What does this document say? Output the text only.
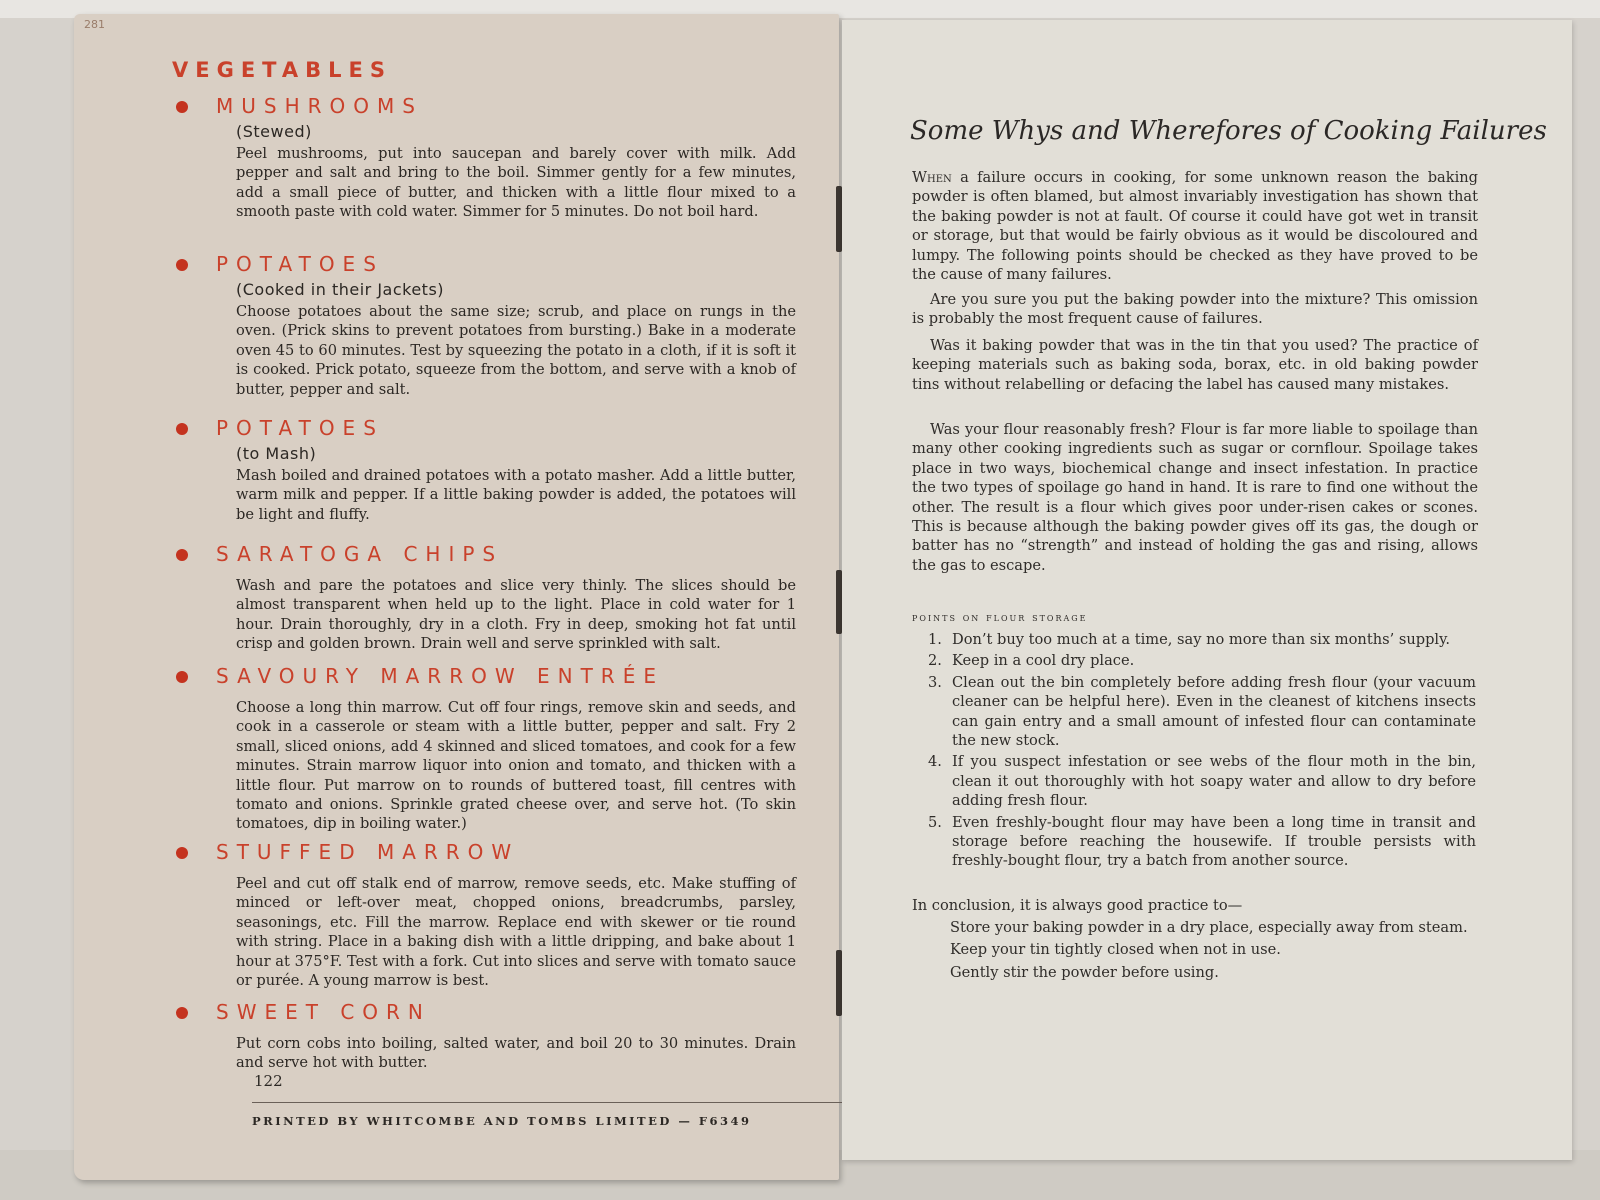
281
VEGETABLES
MUSHROOMS
(Stewed)
Peel mushrooms, put into saucepan and barely cover with milk. Add pepper and salt and bring to the boil. Simmer gently for a few minutes, add a small piece of butter, and thicken with a little flour mixed to a smooth paste with cold water. Simmer for 5 minutes. Do not boil hard.
POTATOES
(Cooked in their Jackets)
Choose potatoes about the same size; scrub, and place on rungs in the oven. (Prick skins to prevent potatoes from bursting.) Bake in a moderate oven 45 to 60 minutes. Test by squeezing the potato in a cloth, if it is soft it is cooked. Prick potato, squeeze from the bottom, and serve with a knob of butter, pepper and salt.
POTATOES
(to Mash)
Mash boiled and drained potatoes with a potato masher. Add a little butter, warm milk and pepper. If a little baking powder is added, the potatoes will be light and fluffy.
SARATOGA CHIPS
Wash and pare the potatoes and slice very thinly. The slices should be almost transparent when held up to the light. Place in cold water for 1 hour. Drain thoroughly, dry in a cloth. Fry in deep, smoking hot fat until crisp and golden brown. Drain well and serve sprinkled with salt.
SAVOURY MARROW ENTRÉE
Choose a long thin marrow. Cut off four rings, remove skin and seeds, and cook in a casserole or steam with a little butter, pepper and salt. Fry 2 small, sliced onions, add 4 skinned and sliced tomatoes, and cook for a few minutes. Strain marrow liquor into onion and tomato, and thicken with a little flour. Put marrow on to rounds of buttered toast, fill centres with tomato and onions. Sprinkle grated cheese over, and serve hot. (To skin tomatoes, dip in boiling water.)
STUFFED MARROW
Peel and cut off stalk end of marrow, remove seeds, etc. Make stuffing of minced or left-over meat, chopped onions, breadcrumbs, parsley, seasonings, etc. Fill the marrow. Replace end with skewer or tie round with string. Place in a baking dish with a little dripping, and bake about 1 hour at 375°F. Test with a fork. Cut into slices and serve with tomato sauce or purée. A young marrow is best.
SWEET CORN
Put corn cobs into boiling, salted water, and boil 20 to 30 minutes. Drain and serve hot with butter.
122
PRINTED BY WHITCOMBE AND TOMBS LIMITED — F6349
Some Whys and Wherefores of Cooking Failures
When a failure occurs in cooking, for some unknown reason the baking powder is often blamed, but almost invariably investigation has shown that the baking powder is not at fault. Of course it could have got wet in transit or storage, but that would be fairly obvious as it would be discoloured and lumpy. The following points should be checked as they have proved to be the cause of many failures.
Are you sure you put the baking powder into the mixture? This omission is probably the most frequent cause of failures.
Was it baking powder that was in the tin that you used? The practice of keeping materials such as baking soda, borax, etc. in old baking powder tins without relabelling or defacing the label has caused many mistakes.
Was your flour reasonably fresh? Flour is far more liable to spoilage than many other cooking ingredients such as sugar or cornflour. Spoilage takes place in two ways, biochemical change and insect infestation. In practice the two types of spoilage go hand in hand. It is rare to find one without the other. The result is a flour which gives poor under-risen cakes or scones. This is because although the baking powder gives off its gas, the dough or batter has no “strength” and instead of holding the gas and rising, allows the gas to escape.
points on flour storage
1. Don’t buy too much at a time, say no more than six months’ supply.
2. Keep in a cool dry place.
3. Clean out the bin completely before adding fresh flour (your vacuum cleaner can be helpful here). Even in the cleanest of kitchens insects can gain entry and a small amount of infested flour can contaminate the new stock.
4. If you suspect infestation or see webs of the flour moth in the bin, clean it out thoroughly with hot soapy water and allow to dry before adding fresh flour.
5. Even freshly-bought flour may have been a long time in transit and storage before reaching the housewife. If trouble persists with freshly-bought flour, try a batch from another source.
In conclusion, it is always good practice to—
Store your baking powder in a dry place, especially away from steam.
Keep your tin tightly closed when not in use.
Gently stir the powder before using.
